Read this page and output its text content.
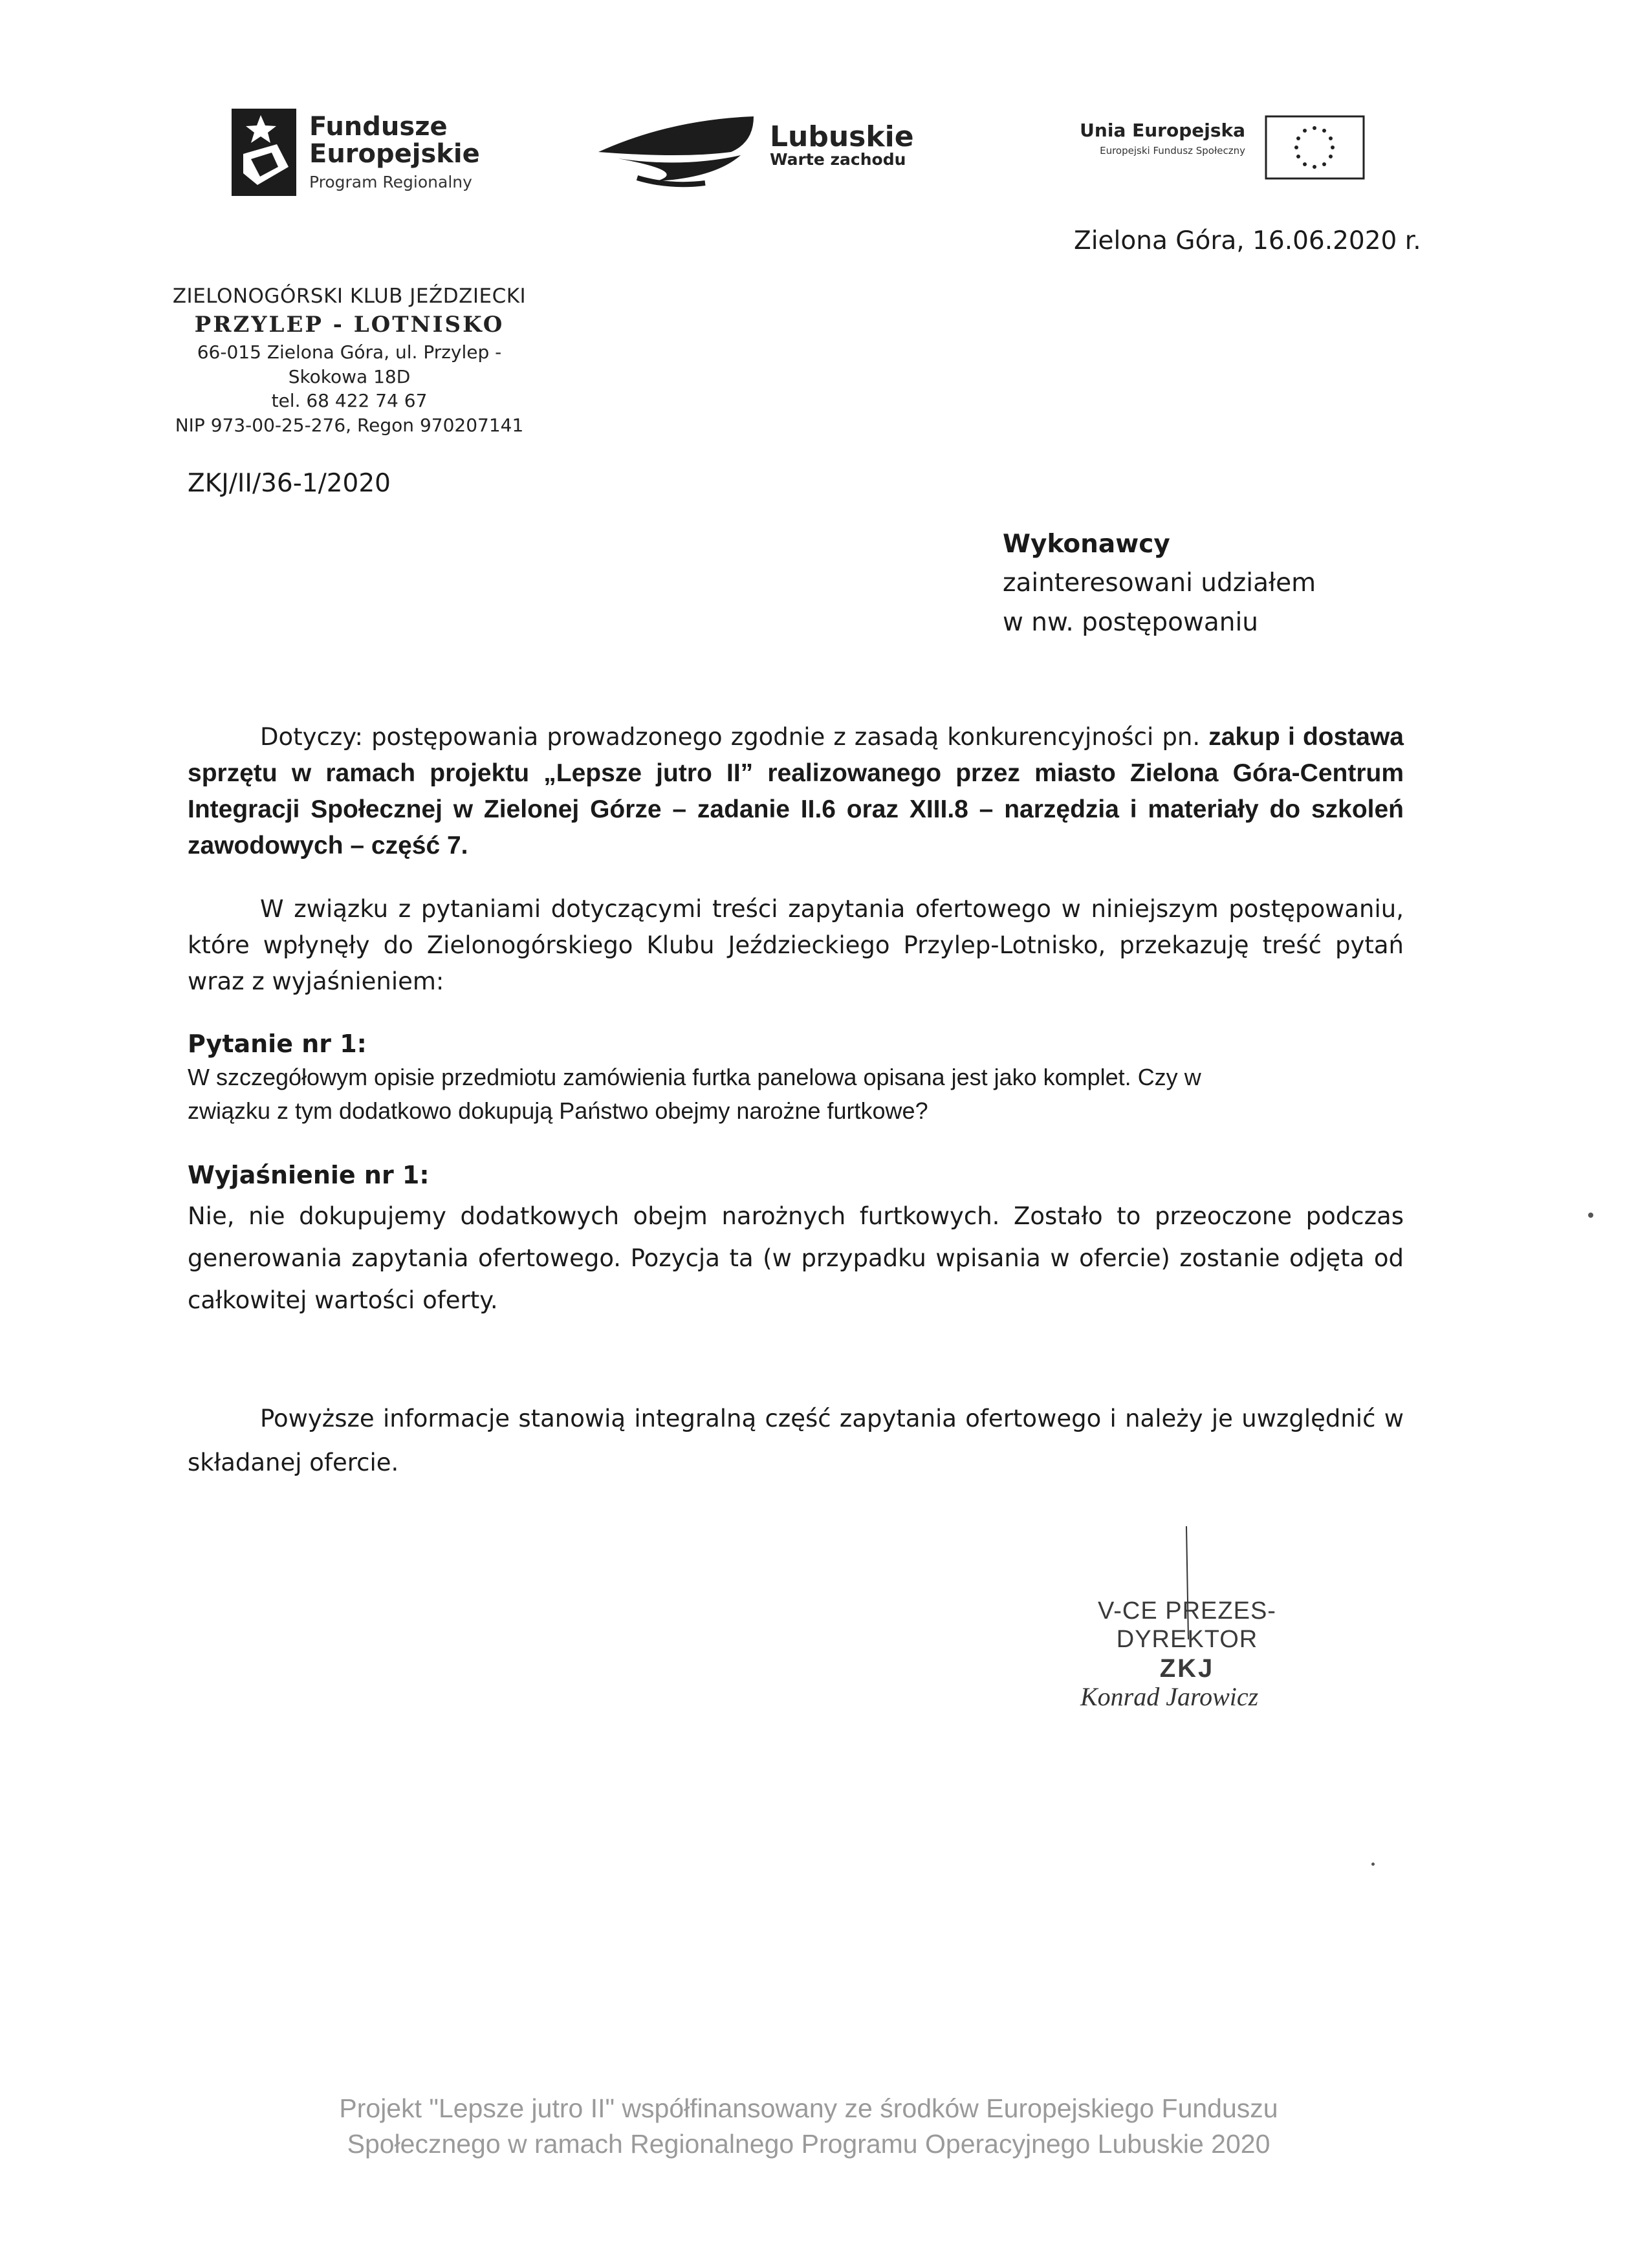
Fundusze
Europejskie
Program Regionalny
Lubuskie
Warte zachodu
Unia Europejska
Europejski Fundusz Społeczny
Zielona Góra, 16.06.2020 r.
ZIELONOGÓRSKI KLUB JEŹDZIECKI
PRZYLEP - LOTNISKO
66-015 Zielona Góra, ul. Przylep - Skokowa 18D
tel. 68 422 74 67
NIP 973-00-25-276, Regon 970207141
ZKJ/II/36-1/2020
Wykonawcy
zainteresowani udziałem
w nw. postępowaniu
Dotyczy: postępowania prowadzonego zgodnie z zasadą konkurencyjności pn. zakup i dostawa sprzętu w ramach projektu „Lepsze jutro II” realizowanego przez miasto Zielona Góra-Centrum Integracji Społecznej w Zielonej Górze – zadanie II.6 oraz XIII.8 – narzędzia i materiały do szkoleń zawodowych – część 7.
W związku z pytaniami dotyczącymi treści zapytania ofertowego w niniejszym postępowaniu, które wpłynęły do Zielonogórskiego Klubu Jeździeckiego Przylep-Lotnisko, przekazuję treść pytań wraz z wyjaśnieniem:
Pytanie nr 1:
W szczegółowym opisie przedmiotu zamówienia furtka panelowa opisana jest jako komplet. Czy w związku z tym dodatkowo dokupują Państwo obejmy narożne furtkowe?
Wyjaśnienie nr 1:
Nie, nie dokupujemy dodatkowych obejm narożnych furtkowych. Zostało to przeoczone podczas generowania zapytania ofertowego. Pozycja ta (w przypadku wpisania w ofercie) zostanie odjęta od całkowitej wartości oferty.
Powyższe informacje stanowią integralną część zapytania ofertowego i należy je uwzględnić w składanej ofercie.
V-CE PREZES-DYREKTOR
ZKJ
Konrad Jarowicz
Projekt "Lepsze jutro II" współfinansowany ze środków Europejskiego Funduszu
Społecznego w ramach Regionalnego Programu Operacyjnego Lubuskie 2020
